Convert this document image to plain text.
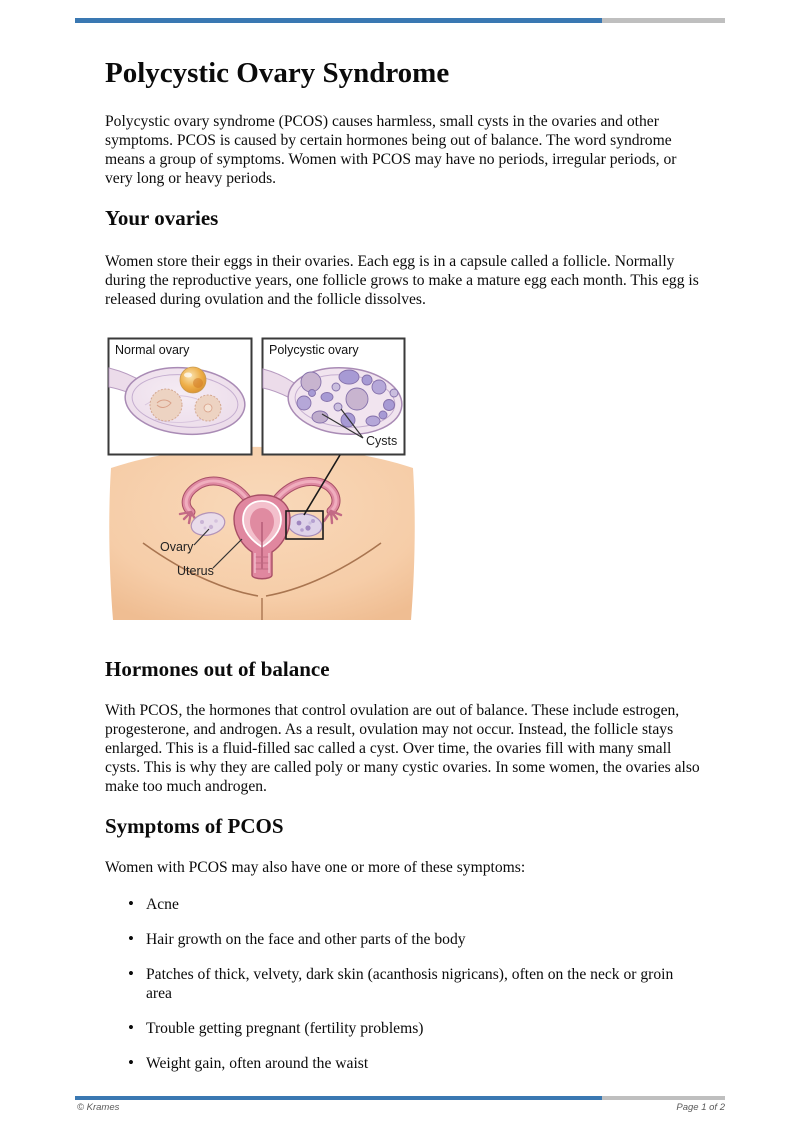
Polycystic Ovary Syndrome

Polycystic ovary syndrome (PCOS) causes harmless, small cysts in the ovaries and other symptoms. PCOS is caused by certain hormones being out of balance. The word syndrome means a group of symptoms. Women with PCOS may have no periods, irregular periods, or very long or heavy periods.

Your ovaries

Women store their eggs in their ovaries. Each egg is in a capsule called a follicle. Normally during the reproductive years, one follicle grows to make a mature egg each month. This egg is released during ovulation and the follicle dissolves.

Ovary
Uterus
Normal ovary
Cysts
Polycystic ovary
Hormones out of balance

With PCOS, the hormones that control ovulation are out of balance. These include estrogen, progesterone, and androgen. As a result, ovulation may not occur. Instead, the follicle stays enlarged. This is a fluid-filled sac called a cyst. Over time, the ovaries fill with many small cysts. This is why they are called poly or many cystic ovaries. In some women, the ovaries also make too much androgen.

Symptoms of PCOS

Women with PCOS may also have one or more of these symptoms:

• Acne
• Hair growth on the face and other parts of the body
• Patches of thick, velvety, dark skin (acanthosis nigricans), often on the neck or groin area
• Trouble getting pregnant (fertility problems)
• Weight gain, often around the waist
© Krames	Page 1 of 2
